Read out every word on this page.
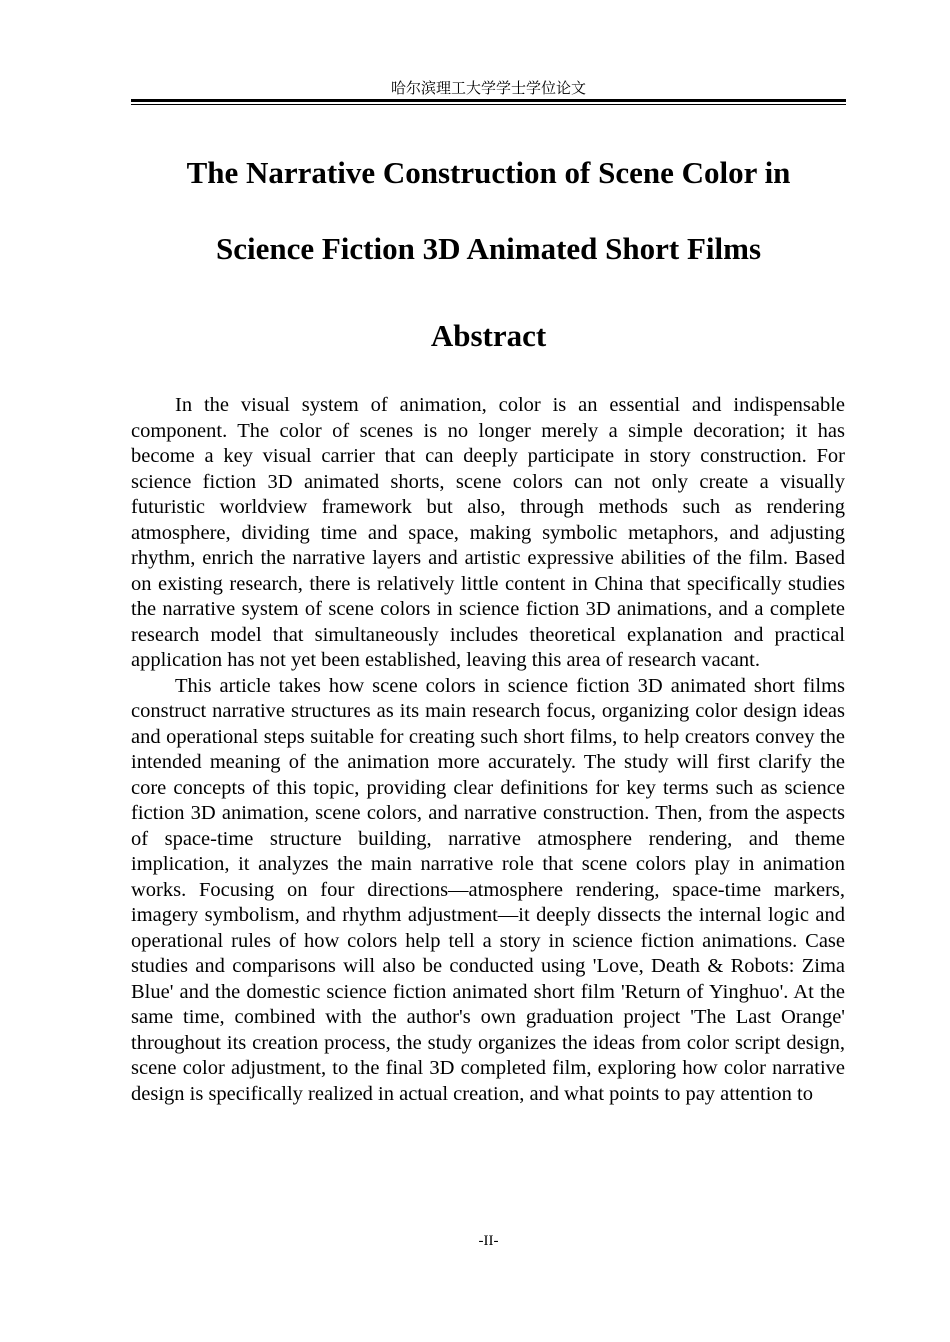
哈尔滨理工大学学士学位论文
The Narrative Construction of Scene Color in
Science Fiction 3D Animated Short Films
Abstract

In the visual system of animation, color is an essential and indispensable component. The color of scenes is no longer merely a simple decoration; it has become a key visual carrier that can deeply participate in story construction. For science fiction 3D animated shorts, scene colors can not only create a visually futuristic worldview framework but also, through methods such as rendering atmosphere, dividing time and space, making symbolic metaphors, and adjusting rhythm, enrich the narrative layers and artistic expressive abilities of the film. Based on existing research, there is relatively little content in China that specifically studies the narrative system of scene colors in science fiction 3D animations, and a complete research model that simultaneously includes theoretical explanation and practical application has not yet been established, leaving this area of research vacant.

This article takes how scene colors in science fiction 3D animated short films construct narrative structures as its main research focus, organizing color design ideas and operational steps suitable for creating such short films, to help creators convey the intended meaning of the animation more accurately. The study will first clarify the core concepts of this topic, providing clear definitions for key terms such as science fiction 3D animation, scene colors, and narrative construction. Then, from the aspects of space-time structure building, narrative atmosphere rendering, and theme implication, it analyzes the main narrative role that scene colors play in animation works. Focusing on four directions—atmosphere rendering, space-time markers, imagery symbolism, and rhythm adjustment—it deeply dissects the internal logic and operational rules of how colors help tell a story in science fiction animations. Case studies and comparisons will also be conducted using 'Love, Death & Robots: Zima Blue' and the domestic science fiction animated short film 'Return of Yinghuo'. At the same time, combined with the author's own graduation project 'The Last Orange' throughout its creation process, the study organizes the ideas from color script design, scene color adjustment, to the final 3D completed film, exploring how color narrative design is specifically realized in actual creation, and what points to pay attention to

-II-
